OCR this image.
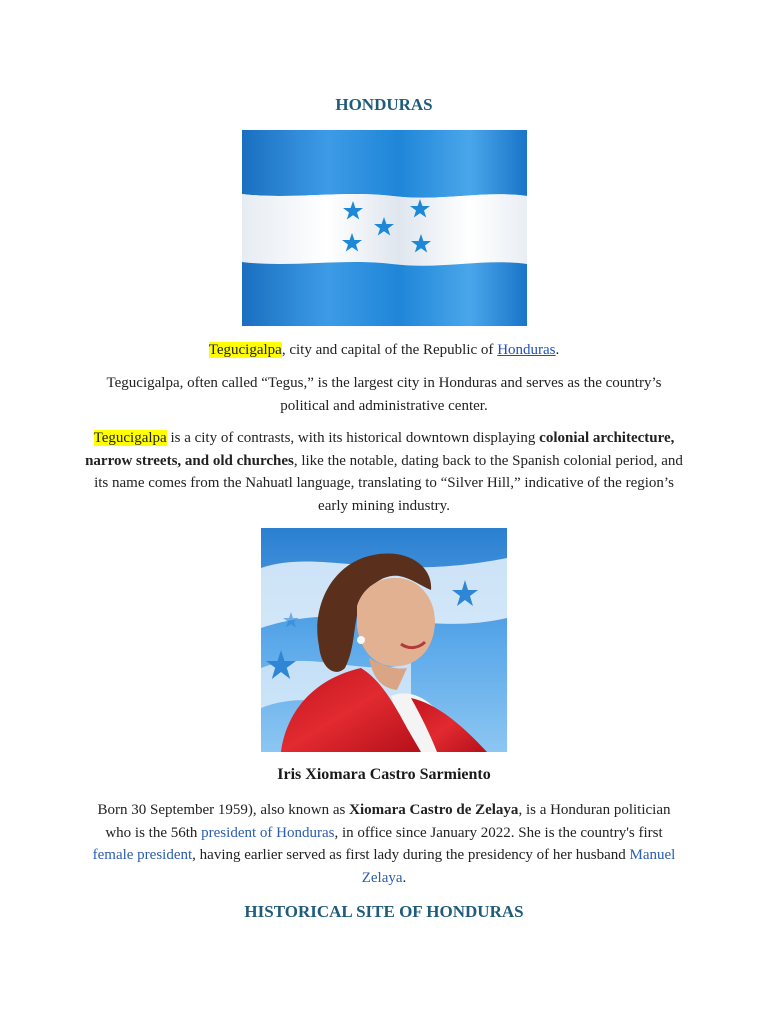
HONDURAS
Tegucigalpa, city and capital of the Republic of Honduras.
Tegucigalpa, often called “Tegus,” is the largest city in Honduras and serves as the country’s political and administrative center.
Tegucigalpa is a city of contrasts, with its historical downtown displaying colonial architecture, narrow streets, and old churches, like the notable, dating back to the Spanish colonial period, and its name comes from the Nahuatl language, translating to “Silver Hill,” indicative of the region’s early mining industry.
Iris Xiomara Castro Sarmiento
Born 30 September 1959), also known as Xiomara Castro de Zelaya, is a Honduran politician who is the 56th president of Honduras, in office since January 2022. She is the country's first female president, having earlier served as first lady during the presidency of her husband Manuel Zelaya.
HISTORICAL SITE OF HONDURAS
